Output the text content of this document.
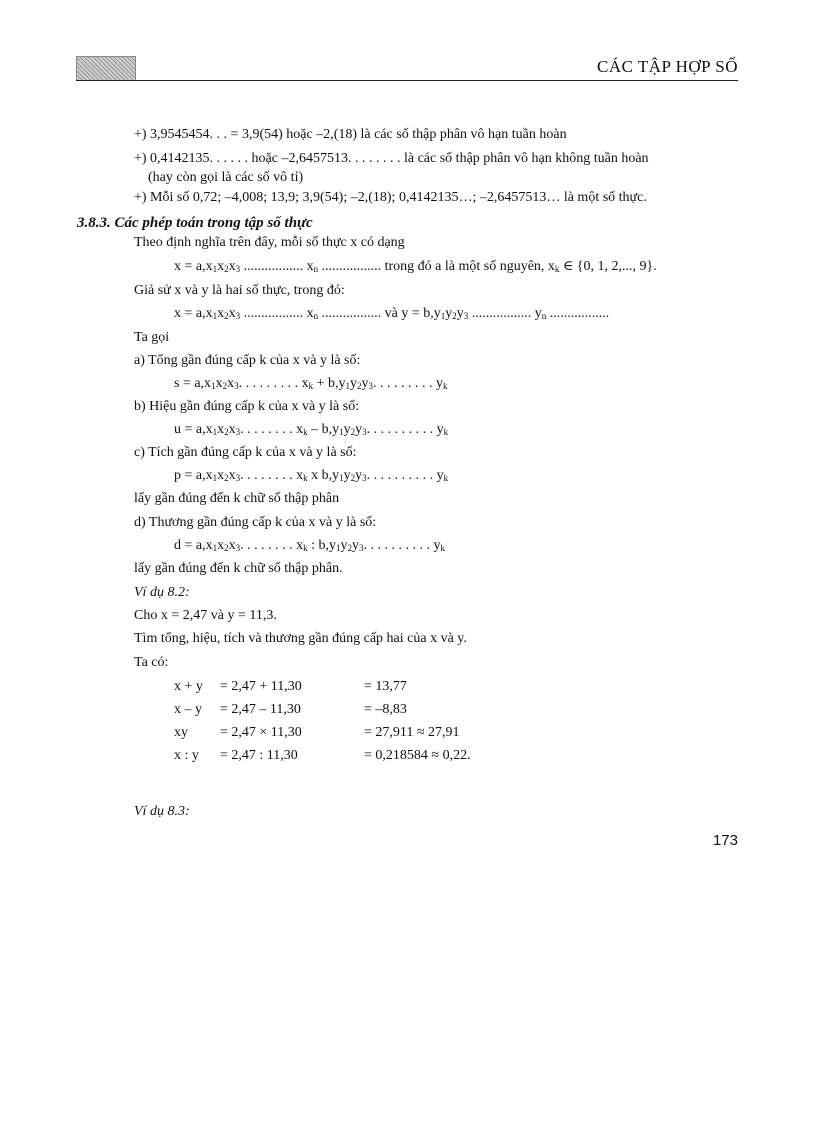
CÁC TẬP HỢP SỐ
+) 3,9545454. . . = 3,9(54) hoặc –2,(18) là các số thập phân vô hạn tuần hoàn
+) 0,4142135. . . . . . hoặc –2,6457513. . . . . . . . là các số thập phân vô hạn không tuần hoàn
(hay còn gọi là các số vô tỉ)
+) Mỗi số 0,72; –4,008; 13,9; 3,9(54); –2,(18); 0,4142135…; –2,6457513… là một số thực.
3.8.3. Các phép toán trong tập số thực
Theo định nghĩa trên đây, mỗi số thực x có dạng
$x = a,x_1x_2x_3$ ................. $x_n$ ................. trong đó a là một số nguyên, $x_k$ ∈ {0, 1, 2,..., 9}.
Giả sử x và y là hai số thực, trong đó:
$x = a,x_1x_2x_3$ ................. $x_n$ ................. và $y = b,y_1y_2y_3$ ................. $y_n$ .................
Ta gọi
a) Tổng gần đúng cấp k của x và y là số:
$s = a,x_1x_2x_3$. . . . . . . . . $x_k + b,y_1y_2y_3$. . . . . . . . . $y_k$
b) Hiệu gần đúng cấp k của x và y là số:
$u = a,x_1x_2x_3$. . . . . . . . $x_k - b,y_1y_2y_3$. . . . . . . . . . $y_k$
c) Tích gần đúng cấp k của x và y là số:
$p = a,x_1x_2x_3$. . . . . . . . $x_k$ x $b,y_1y_2y_3$. . . . . . . . . . $y_k$
lấy gần đúng đến k chữ số thập phân
d) Thương gần đúng cấp k của x và y là số:
$d = a,x_1x_2x_3$. . . . . . . . $x_k$ : $b,y_1y_2y_3$. . . . . . . . . . $y_k$
lấy gần đúng đến k chữ số thập phân.
Ví dụ 8.2:
Cho x = 2,47 và y = 11,3.
Tìm tổng, hiệu, tích và thương gần đúng cấp hai của x và y.
Ta có:
x + y = 2,47 + 11,30	= 13,77
x – y = 2,47 – 11,30	= –8,83
xy = 2,47 × 11,30	= 27,911 ≈ 27,91
x : y = 2,47 : 11,30	= 0,218584 ≈ 0,22.
Ví dụ 8.3:
173
